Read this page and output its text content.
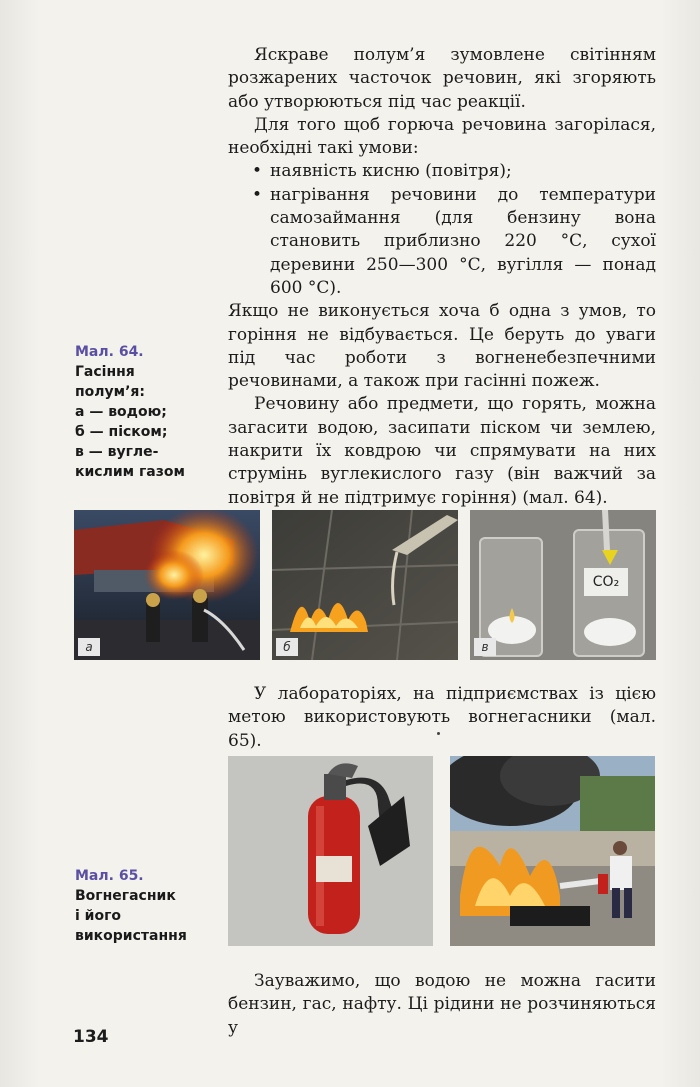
Яскраве полум’я зумовлене світінням розжарених часточок речовин, які згоряють або утворюються під час реакції.

Для того щоб горюча речовина загорілася, необхідні такі умови:

• наявність кисню (повітря);
• нагрівання речовини до температури самозаймання (для бензину вона становить приблизно 220 °С, сухої деревини 250—300 °С, вугілля — понад 600 °С).

Якщо не виконується хоча б одна з умов, то горіння не відбувається. Це беруть до уваги під час роботи з вогненебезпечними речовинами, а також при гасінні пожеж.

Речовину або предмети, що горять, можна загасити водою, засипати піском чи землею, накрити їх ковдрою чи спрямувати на них струмінь вуглекислого газу (він важчий за повітря й не підтримує горіння) (мал. 64).

Мал. 64.
Гасіння
полум’я:
а — водою;
б — піском;
в — вугле-
кислим газом
а	б
CO₂
в

У лабораторіях, на підприємствах із цією метою використовують вогнегасники (мал. 65).

Мал. 65.
Вогнегасник
і його
використання

Зауважимо, що водою не можна гасити бензин, гас, нафту. Ці рідини не розчиняються у

134
